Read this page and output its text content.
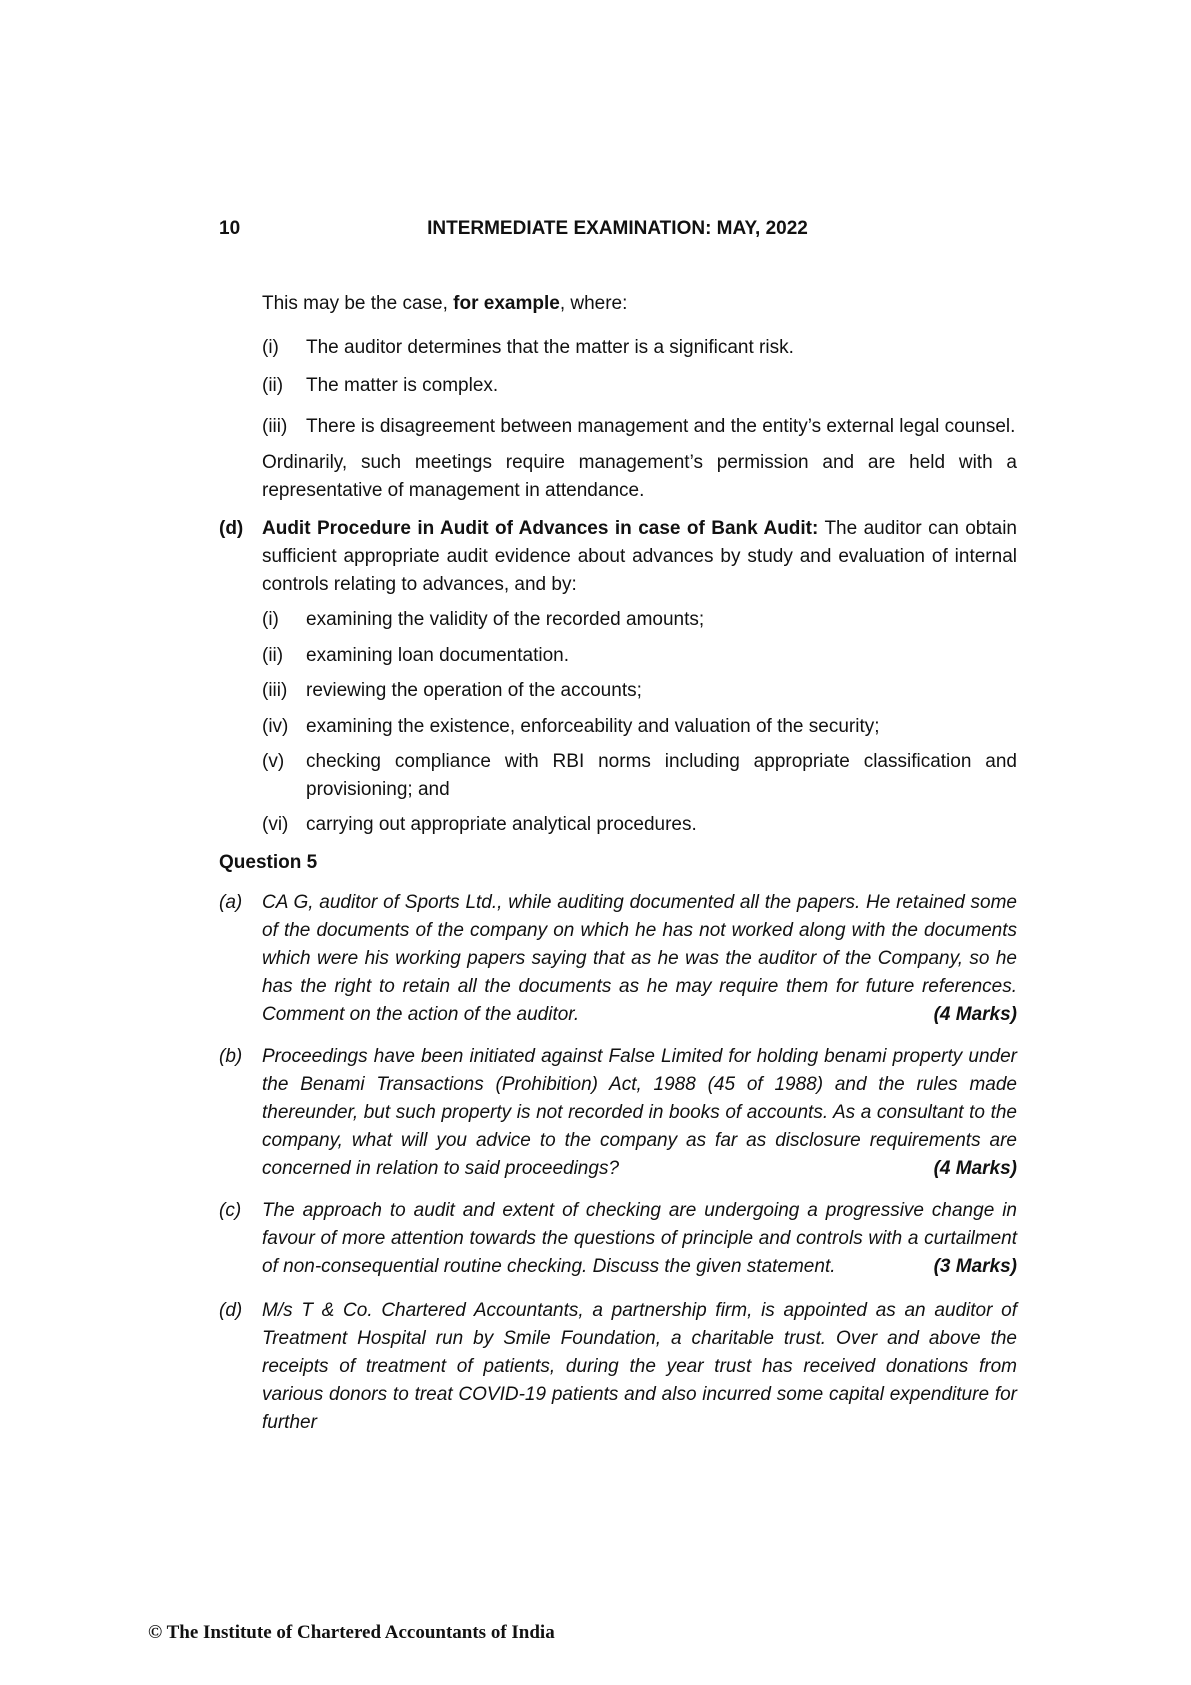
10	INTERMEDIATE EXAMINATION: MAY, 2022
This may be the case, for example, where:
(i) The auditor determines that the matter is a significant risk.
(ii) The matter is complex.
(iii) There is disagreement between management and the entity’s external legal counsel.
Ordinarily, such meetings require management’s permission and are held with a representative of management in attendance.
(d) Audit Procedure in Audit of Advances in case of Bank Audit: The auditor can obtain sufficient appropriate audit evidence about advances by study and evaluation of internal controls relating to advances, and by:
(i) examining the validity of the recorded amounts;
(ii) examining loan documentation.
(iii) reviewing the operation of the accounts;
(iv) examining the existence, enforceability and valuation of the security;
(v) checking compliance with RBI norms including appropriate classification and provisioning; and
(vi) carrying out appropriate analytical procedures.
Question 5
(a) CA G, auditor of Sports Ltd., while auditing documented all the papers. He retained some of the documents of the company on which he has not worked along with the documents which were his working papers saying that as he was the auditor of the Company, so he has the right to retain all the documents as he may require them for future references.
Comment on the action of the auditor.	(4 Marks)
(b) Proceedings have been initiated against False Limited for holding benami property under the Benami Transactions (Prohibition) Act, 1988 (45 of 1988) and the rules made thereunder, but such property is not recorded in books of accounts. As a consultant to the company, what will you advice to the company as far as disclosure requirements are
concerned in relation to said proceedings?	(4 Marks)
(c) The approach to audit and extent of checking are undergoing a progressive change in favour of more attention towards the questions of principle and controls with a curtailment
of non-consequential routine checking. Discuss the given statement.	(3 Marks)
(d) M/s T & Co. Chartered Accountants, a partnership firm, is appointed as an auditor of Treatment Hospital run by Smile Foundation, a charitable trust. Over and above the receipts of treatment of patients, during the year trust has received donations from various donors to treat COVID-19 patients and also incurred some capital expenditure for further
© The Institute of Chartered Accountants of India
